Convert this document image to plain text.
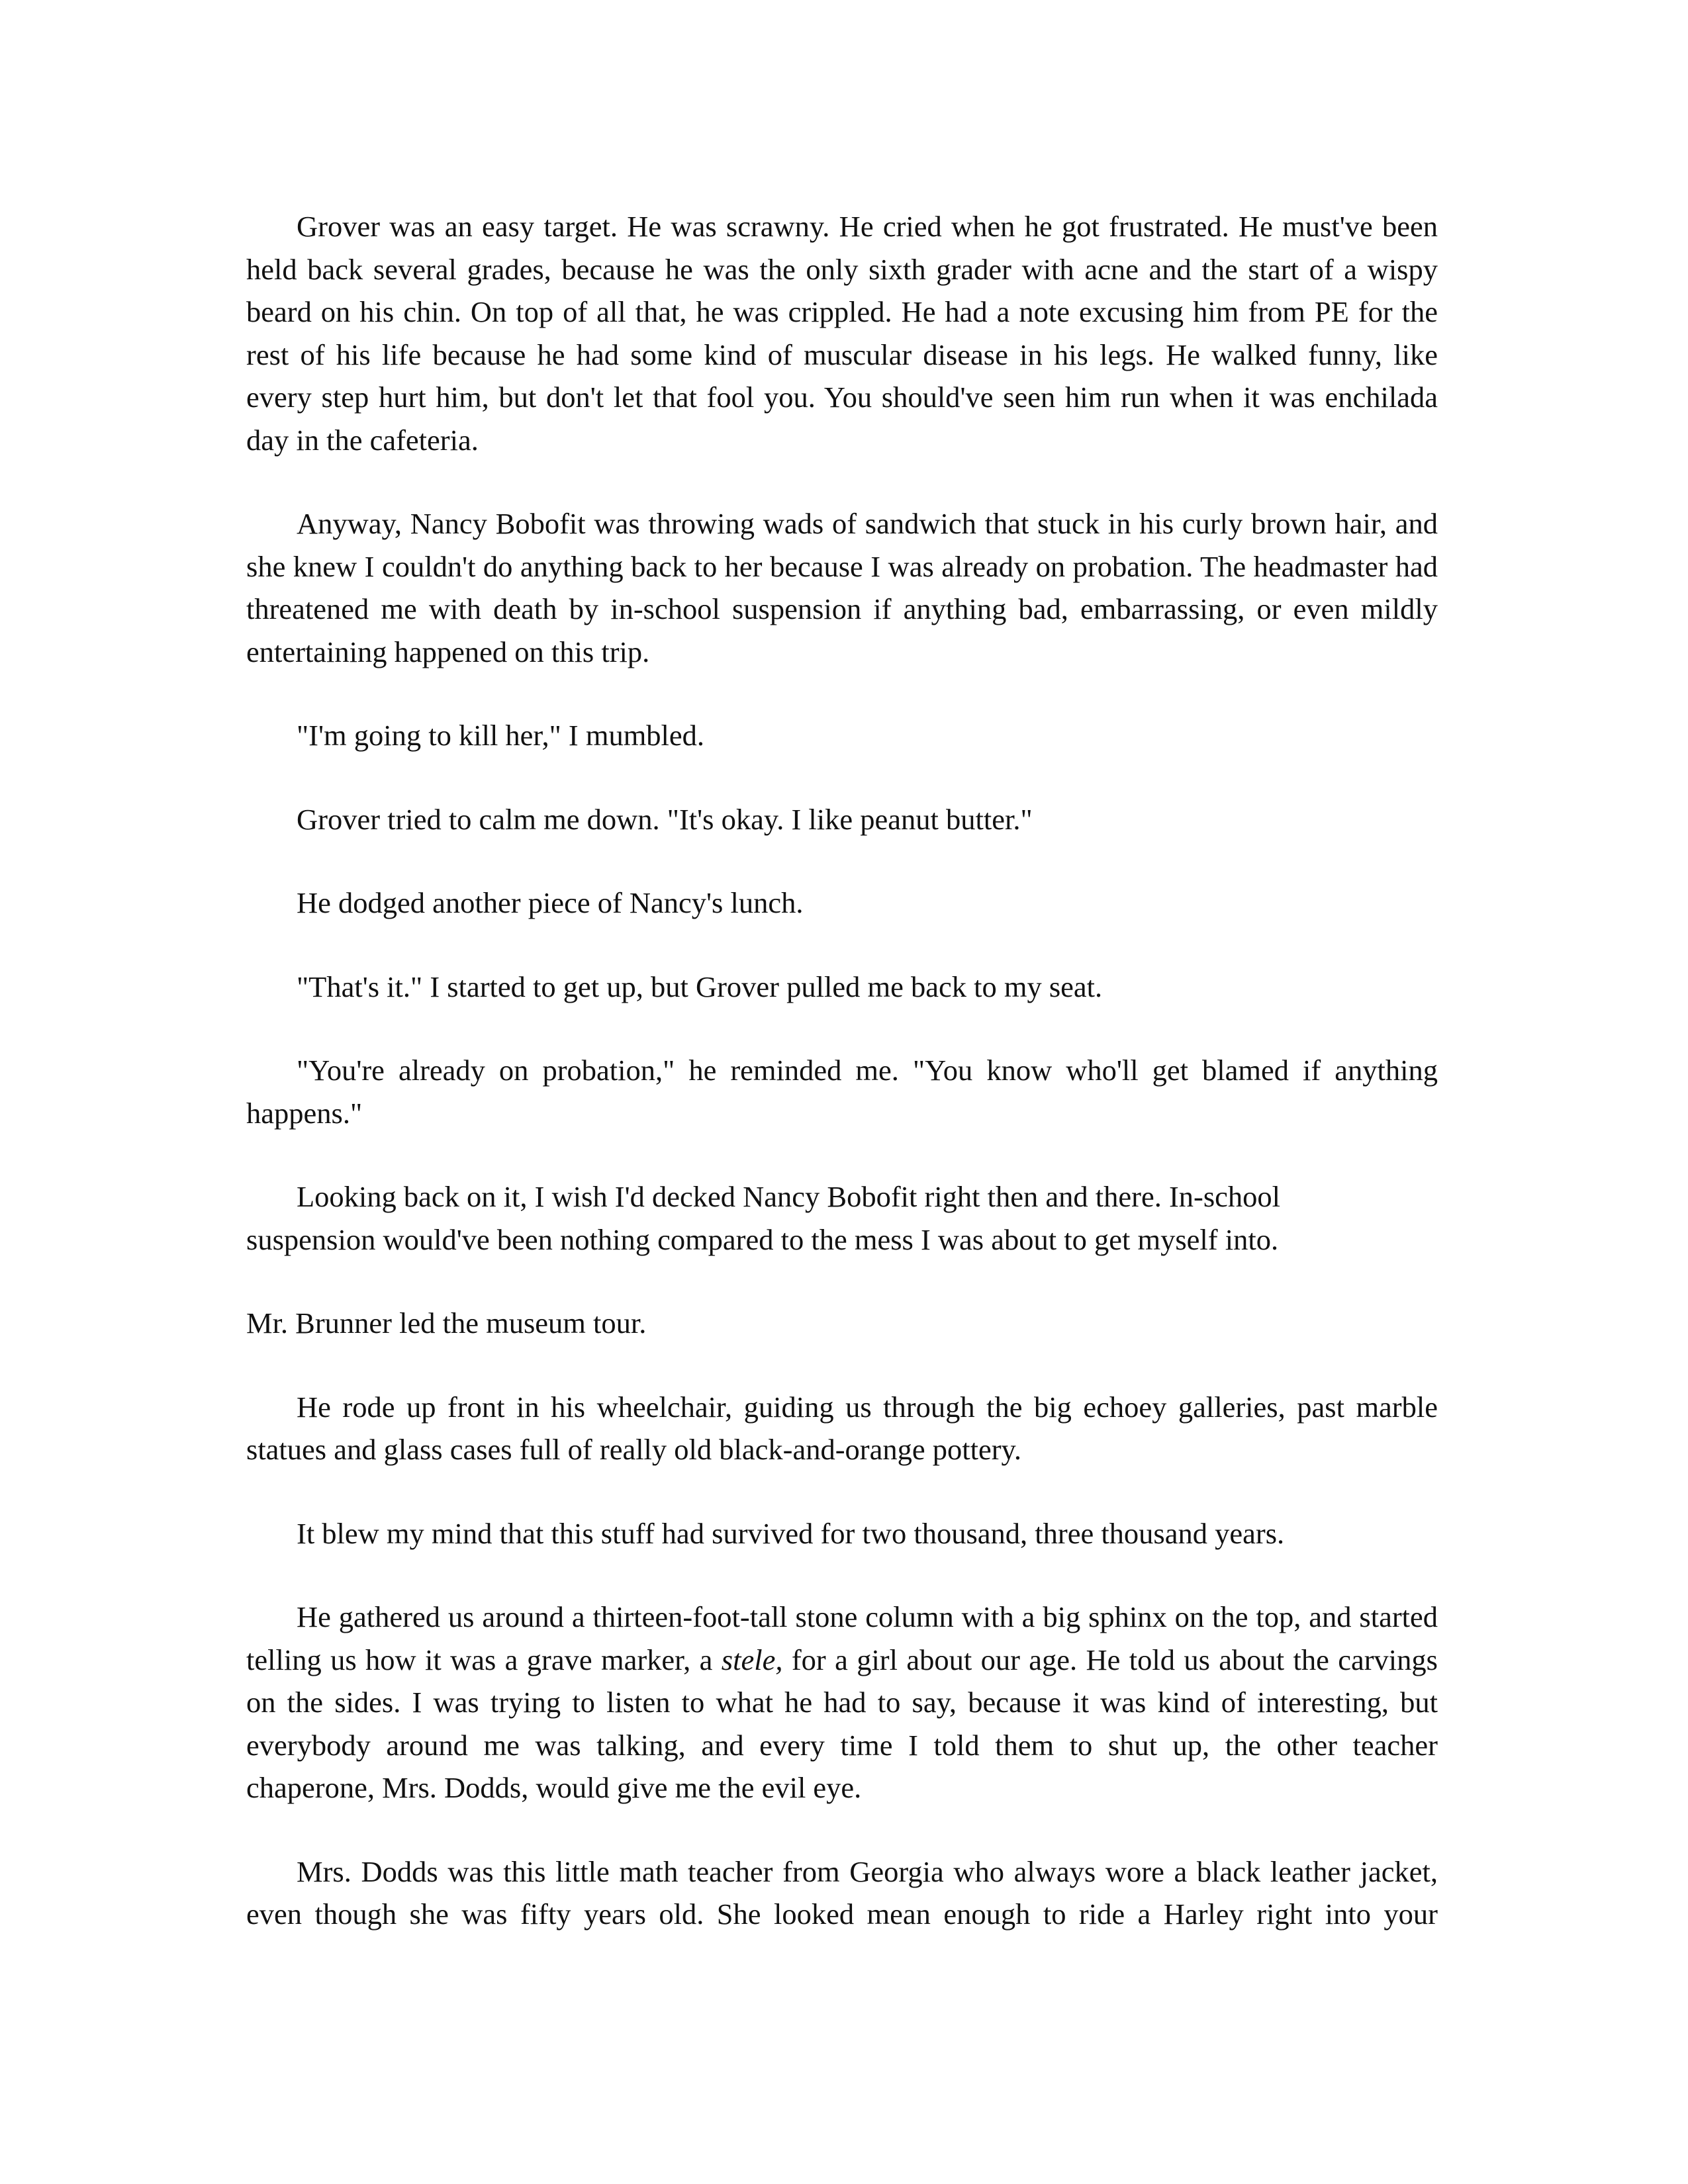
Grover was an easy target. He was scrawny. He cried when he got frustrated. He must've been held back several grades, because he was the only sixth grader with acne and the start of a wispy beard on his chin. On top of all that, he was crippled. He had a note excusing him from PE for the rest of his life because he had some kind of muscular disease in his legs. He walked funny, like every step hurt him, but don't let that fool you. You should've seen him run when it was enchilada day in the cafeteria.

Anyway, Nancy Bobofit was throwing wads of sandwich that stuck in his curly brown hair, and she knew I couldn't do anything back to her because I was already on probation. The headmaster had threatened me with death by in-school suspension if anything bad, embarrassing, or even mildly entertaining happened on this trip.

"I'm going to kill her," I mumbled.

Grover tried to calm me down. "It's okay. I like peanut butter."

He dodged another piece of Nancy's lunch.

"That's it." I started to get up, but Grover pulled me back to my seat.

"You're already on probation," he reminded me. "You know who'll get blamed if anything happens."

Looking back on it, I wish I'd decked Nancy Bobofit right then and there. In-school
suspension would've been nothing compared to the mess I was about to get myself into.

Mr. Brunner led the museum tour.

He rode up front in his wheelchair, guiding us through the big echoey galleries, past marble statues and glass cases full of really old black-and-orange pottery.

It blew my mind that this stuff had survived for two thousand, three thousand years.

He gathered us around a thirteen-foot-tall stone column with a big sphinx on the top, and started telling us how it was a grave marker, a stele, for a girl about our age. He told us about the carvings on the sides. I was trying to listen to what he had to say, because it was kind of interesting, but everybody around me was talking, and every time I told them to shut up, the other teacher chaperone, Mrs. Dodds, would give me the evil eye.

Mrs. Dodds was this little math teacher from Georgia who always wore a black leather jacket, even though she was fifty years old. She looked mean enough to ride a Harley right into your
